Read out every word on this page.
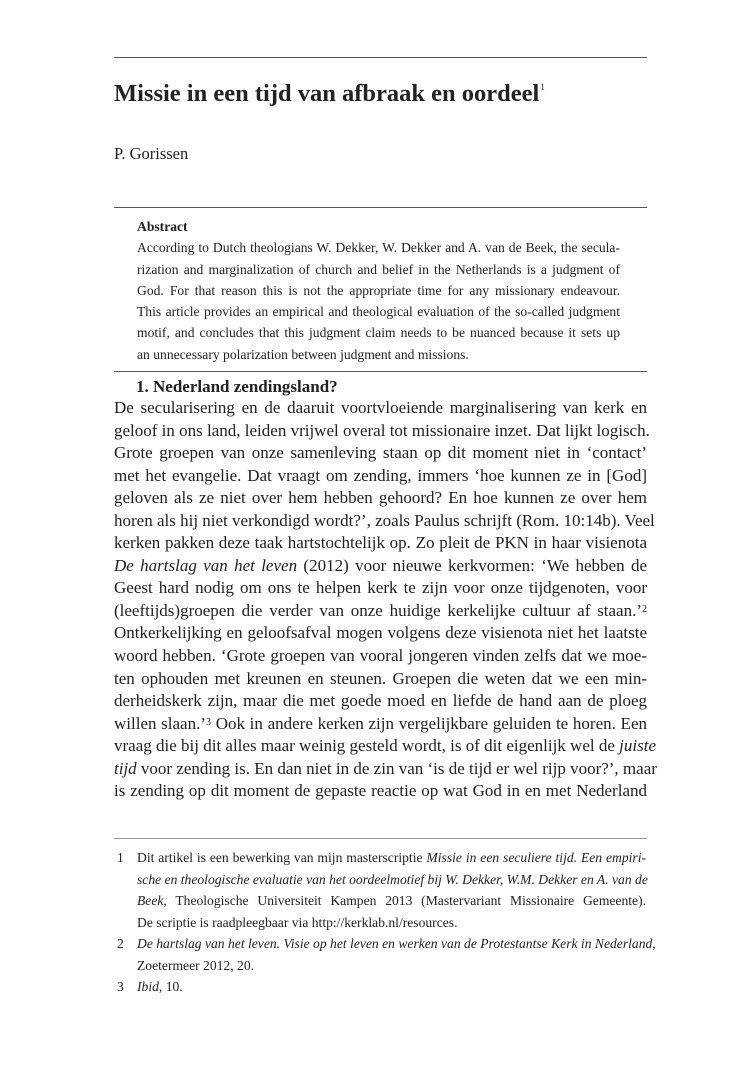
Missie in een tijd van afbraak en oordeel$^1$
P. Gorissen
Abstract
According to Dutch theologians W. Dekker, W. Dekker and A. van de Beek, the secula-
rization and marginalization of church and belief in the Netherlands is a judgment of
God. For that reason this is not the appropriate time for any missionary endeavour.
This article provides an empirical and theological evaluation of the so-called judgment
motif, and concludes that this judgment claim needs to be nuanced because it sets up
an unnecessary polarization between judgment and missions.
1. Nederland zendingsland?
De secularisering en de daaruit voortvloeiende marginalisering van kerk en
geloof in ons land, leiden vrijwel overal tot missionaire inzet. Dat lijkt logisch.
Grote groepen van onze samenleving staan op dit moment niet in ‘contact’
met het evangelie. Dat vraagt om zending, immers ‘hoe kunnen ze in [God]
geloven als ze niet over hem hebben gehoord? En hoe kunnen ze over hem
horen als hij niet verkondigd wordt?’, zoals Paulus schrijft (Rom. 10:14b). Veel
kerken pakken deze taak hartstochtelijk op. Zo pleit de PKN in haar visienota
De hartslag van het leven (2012) voor nieuwe kerkvormen: ‘We hebben de
Geest hard nodig om ons te helpen kerk te zijn voor onze tijdgenoten, voor
(leeftijds)groepen die verder van onze huidige kerkelijke cultuur af staan.’$^2$
Ontkerkelijking en geloofsafval mogen volgens deze visienota niet het laatste
woord hebben. ‘Grote groepen van vooral jongeren vinden zelfs dat we moe-
ten ophouden met kreunen en steunen. Groepen die weten dat we een min-
derheidskerk zijn, maar die met goede moed en liefde de hand aan de ploeg
willen slaan.’$^3$ Ook in andere kerken zijn vergelijkbare geluiden te horen. Een
vraag die bij dit alles maar weinig gesteld wordt, is of dit eigenlijk wel de juiste
tijd voor zending is. En dan niet in de zin van ‘is de tijd er wel rijp voor?’, maar
is zending op dit moment de gepaste reactie op wat God in en met Nederland
1 Dit artikel is een bewerking van mijn masterscriptie Missie in een seculiere tijd. Een empiri-
sche en theologische evaluatie van het oordeelmotief bij W. Dekker, W.M. Dekker en A. van de
Beek, Theologische Universiteit Kampen 2013 (Mastervariant Missionaire Gemeente).
De scriptie is raadpleegbaar via http://kerklab.nl/resources.
2 De hartslag van het leven. Visie op het leven en werken van de Protestantse Kerk in Nederland,
Zoetermeer 2012, 20.
3 Ibid, 10.
